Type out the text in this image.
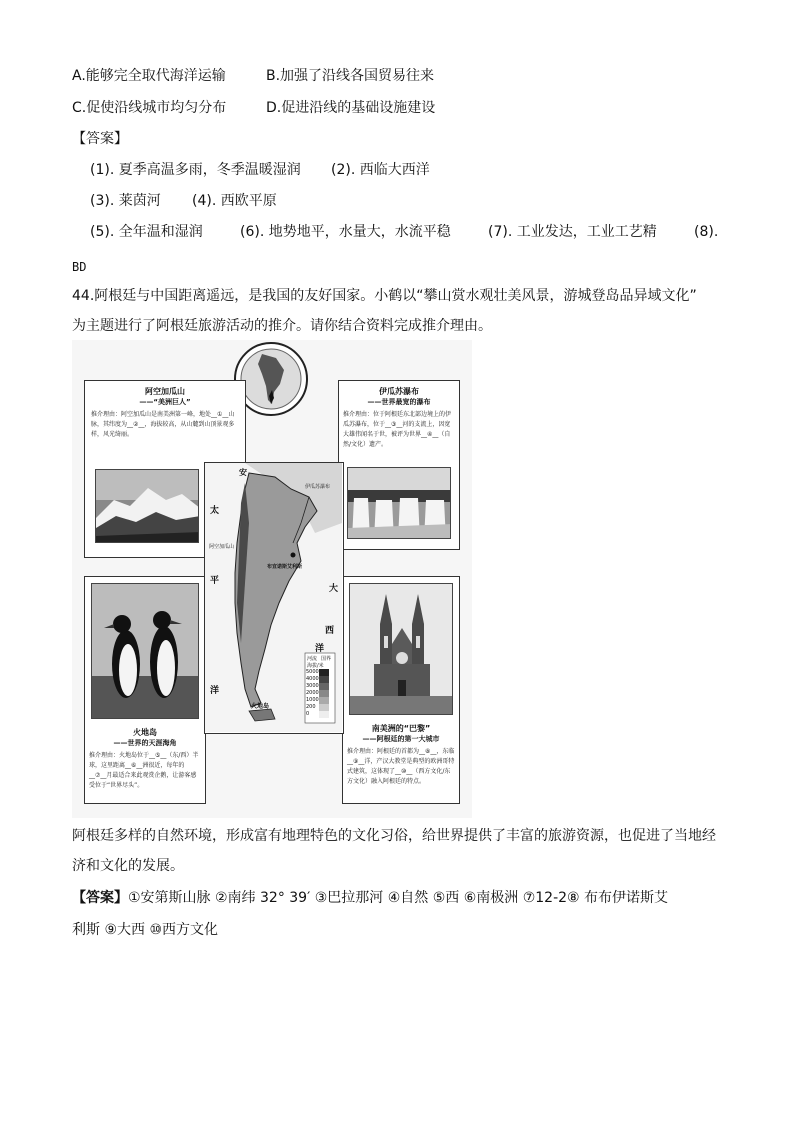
A.能够完全取代海洋运输	B.加强了沿线各国贸易往来
C.促使沿线城市均匀分布	D.促进沿线的基础设施建设
【答案】
(1). 夏季高温多雨，冬季温暖湿润 (2). 西临大西洋
(3). 莱茵河 (4). 西欧平原
(5). 全年温和湿润	(6). 地势地平，水量大，水流平稳	(7). 工业发达，工业工艺精	(8).
BD
44.阿根廷与中国距离遥远，是我国的友好国家。小鹤以“攀山赏水观壮美风景，游城登岛品异域文化”
为主题进行了阿根廷旅游活动的推介。请你结合资料完成推介理由。
阿空加瓜山
——“美洲巨人”
推介理由：阿空加瓜山是南美洲第一峰，地处__①__山脉，其纬度为__②__，海拔较高，从山麓到山顶景观多样，风光绮丽。
伊瓜苏瀑布
——世界最宽的瀑布
推介理由：位于阿根廷东北部边境上的伊瓜苏瀑布，位于__③__河的支流上，因宽大雄伟闻名于世，被评为世界__④__（自然/文化）遗产。
火地岛
——世界的天涯海角
推介理由：火地岛位于__⑤__（东/西）半球，这里距离__⑥__洲很近，每年的__⑦__月最适合来此观赏企鹅，让游客感受位于“世界尽头”。
南美洲的“巴黎”
——阿根廷的第一大城市
推介理由：阿根廷的首都为__⑧__，东临__⑨__洋，产汉大教堂是典型的欧洲哥特式建筑，这体现了__⑩__（西方文化/东方文化）融入阿根廷的特点。
太
平
洋
大
西
洋
安
布宜诺斯艾利斯
火地岛
伊瓜苏瀑布
阿空加瓜山
河流 国界
海拔/米
5000
4000
3000
2000
1000
200
0
阿根廷多样的自然环境，形成富有地理特色的文化习俗，给世界提供了丰富的旅游资源，也促进了当地经
济和文化的发展。
【答案】①安第斯山脉 ②南纬 32° 39′ ③巴拉那河 ④自然 ⑤西 ⑥南极洲 ⑦12-2⑧ 布布伊诺斯艾
利斯 ⑨大西 ⑩西方文化
